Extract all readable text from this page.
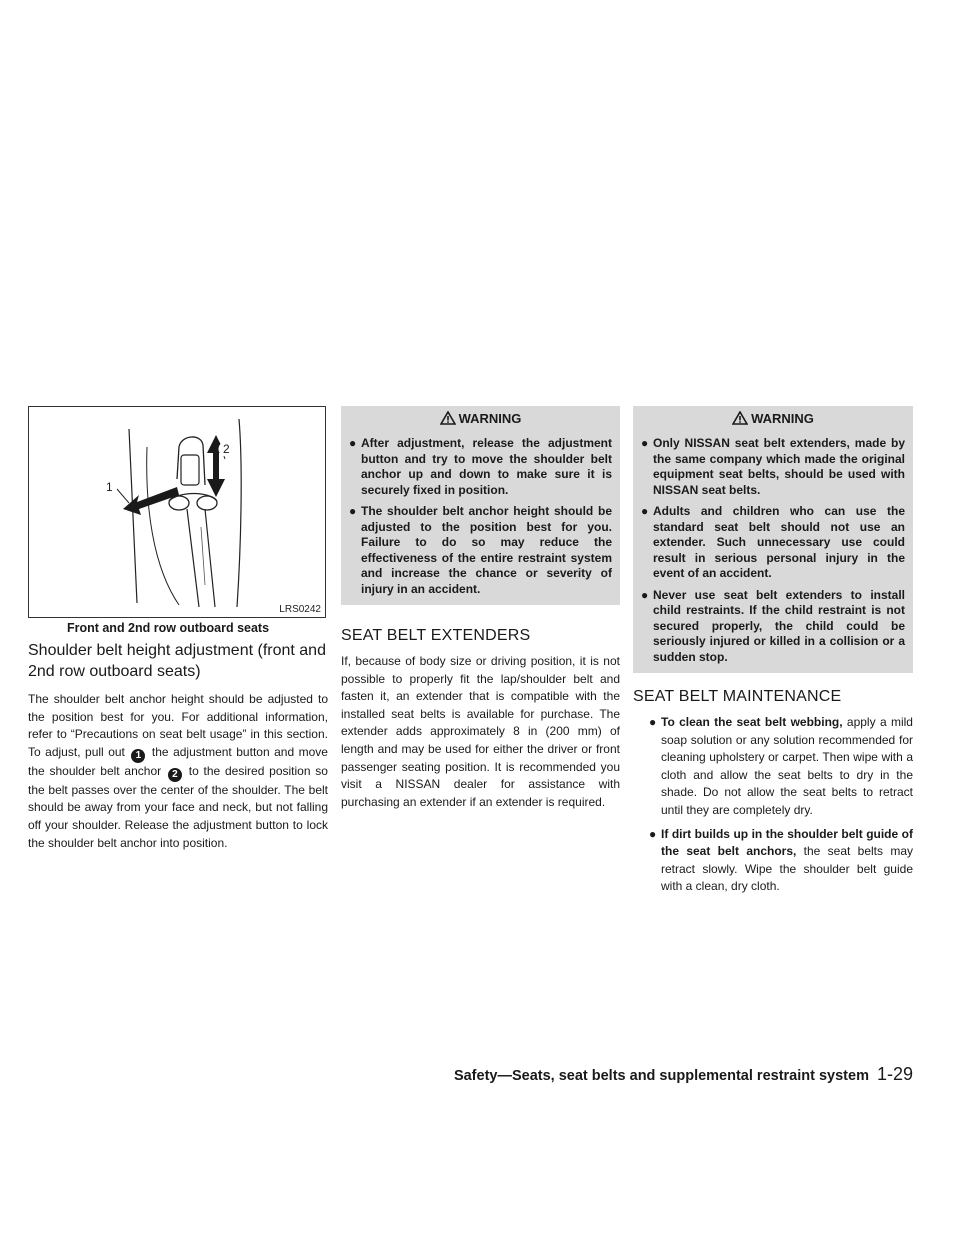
1
2
LRS0242
Front and 2nd row outboard seats
Shoulder belt height adjustment (front and 2nd row outboard seats)

The shoulder belt anchor height should be adjusted to the position best for you. For additional information, refer to “Precautions on seat belt usage” in this section. To adjust, pull out 1 the adjustment button and move the shoulder belt anchor 2 to the desired position so the belt passes over the center of the shoulder. The belt should be away from your face and neck, but not falling off your shoulder. Release the adjustment button to lock the shoulder belt anchor into position.

WARNING
● After adjustment, release the adjustment button and try to move the shoulder belt anchor up and down to make sure it is securely fixed in position.
● The shoulder belt anchor height should be adjusted to the position best for you. Failure to do so may reduce the effectiveness of the entire restraint system and increase the chance or severity of injury in an accident.
SEAT BELT EXTENDERS

If, because of body size or driving position, it is not possible to properly fit the lap/shoulder belt and fasten it, an extender that is compatible with the installed seat belts is available for purchase. The extender adds approximately 8 in (200 mm) of length and may be used for either the driver or front passenger seating position. It is recommended you visit a NISSAN dealer for assistance with purchasing an extender if an extender is required.

WARNING
● Only NISSAN seat belt extenders, made by the same company which made the original equipment seat belts, should be used with NISSAN seat belts.
● Adults and children who can use the standard seat belt should not use an extender. Such unnecessary use could result in serious personal injury in the event of an accident.
● Never use seat belt extenders to install child restraints. If the child restraint is not secured properly, the child could be seriously injured or killed in a collision or a sudden stop.
SEAT BELT MAINTENANCE
● To clean the seat belt webbing, apply a mild soap solution or any solution recommended for cleaning upholstery or carpet. Then wipe with a cloth and allow the seat belts to dry in the shade. Do not allow the seat belts to retract until they are completely dry.
● If dirt builds up in the shoulder belt guide of the seat belt anchors, the seat belts may retract slowly. Wipe the shoulder belt guide with a clean, dry cloth.
Safety—Seats, seat belts and supplemental restraint system 1-29
